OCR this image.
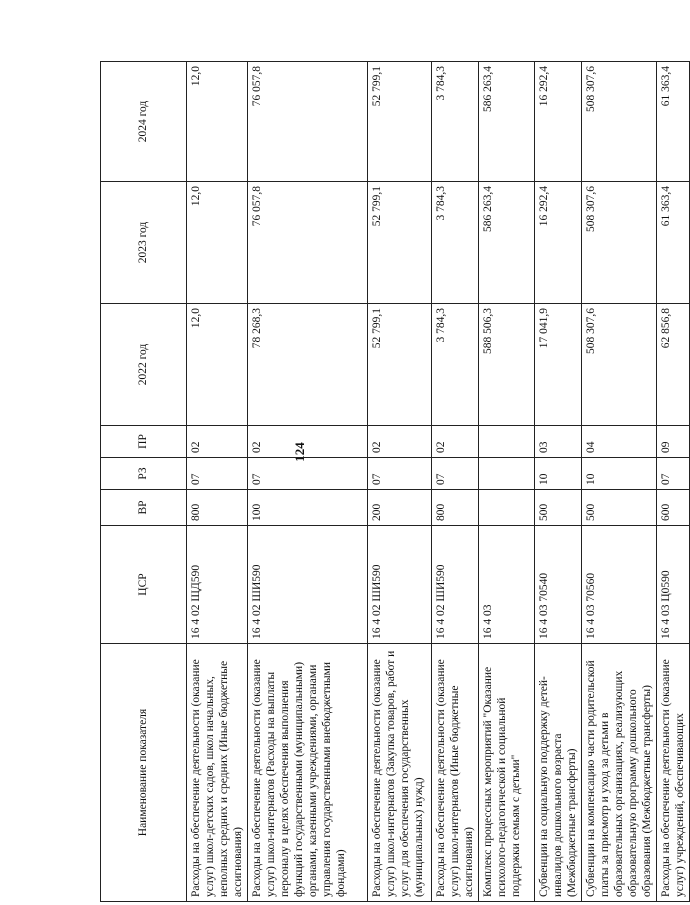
124
Наименование показателя	ЦСР	ВР	РЗ	ПР	2022 год	2023 год	2024 год
Расходы на обеспечение деятельности (оказание услуг) школ-детских садов, школ начальных, неполных средних и средних (Иные бюджетные ассигнования)	16 4 02 ЩД590	800	07	02	12,0	12,0	12,0
Расходы на обеспечение деятельности (оказание услуг) школ-интернатов (Расходы на выплаты персоналу в целях обеспечения выполнения функций государственными (муниципальными) органами, казенными учреждениями, органами управления государственными внебюджетными фондами)	16 4 02 ШИ590	100	07	02	78 268,3	76 057,8	76 057,8
Расходы на обеспечение деятельности (оказание услуг) школ-интернатов (Закупка товаров, работ и услуг для обеспечения государственных (муниципальных) нужд)	16 4 02 ШИ590	200	07	02	52 799,1	52 799,1	52 799,1
Расходы на обеспечение деятельности (оказание услуг) школ-интернатов (Иные бюджетные ассигнования)	16 4 02 ШИ590	800	07	02	3 784,3	3 784,3	3 784,3
Комплекс процессных мероприятий "Оказание психолого-педагогической и социальной поддержки семьям с детьми"	16 4 03				588 506,3	586 263,4	586 263,4
Субвенции на социальную поддержку детей-инвалидов дошкольного возраста (Межбюджетные трансферты)	16 4 03 70540	500	10	03	17 041,9	16 292,4	16 292,4
Субвенции на компенсацию части родительской платы за присмотр и уход за детьми в образовательных организациях, реализующих образовательную программу дошкольного образования (Межбюджетные трансферты)	16 4 03 70560	500	10	04	508 307,6	508 307,6	508 307,6
Расходы на обеспечение деятельности (оказание услуг) учреждений, обеспечивающих	16 4 03 Ц0590	600	07	09	62 856,8	61 363,4	61 363,4
